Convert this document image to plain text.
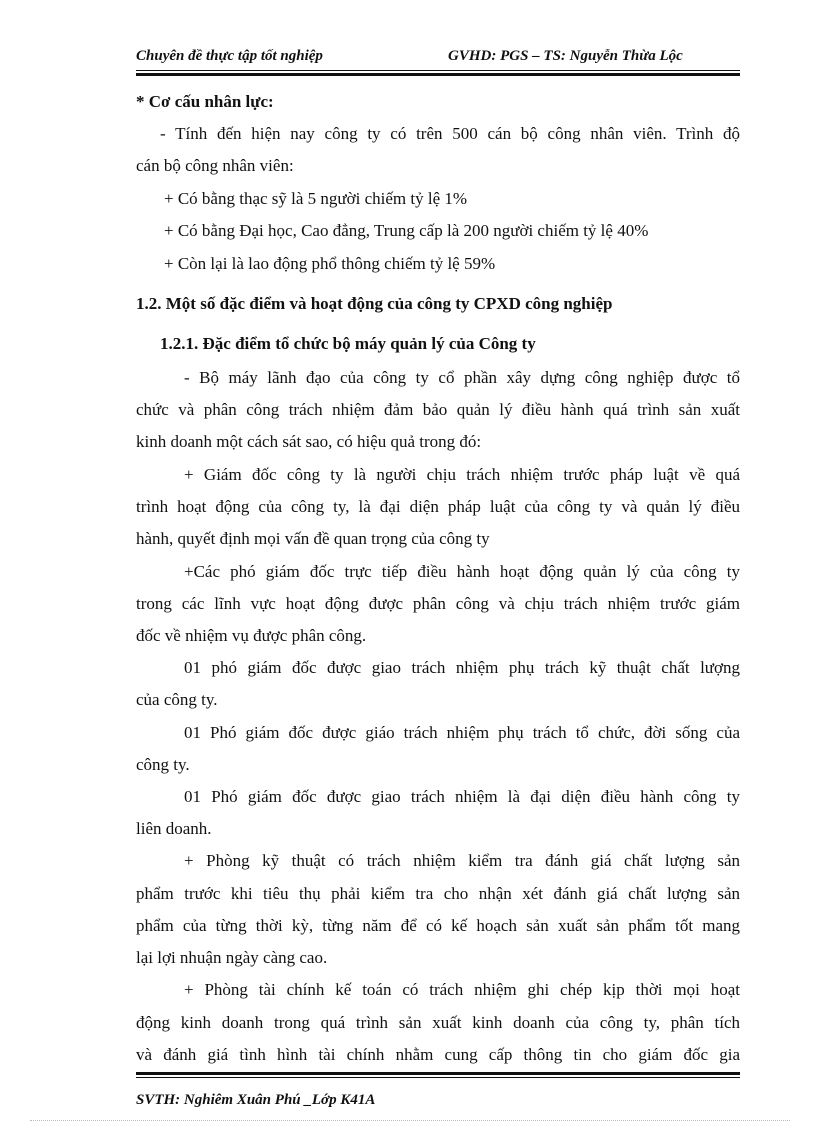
Chuyên đề thực tập tốt nghiệp	GVHD: PGS – TS: Nguyễn Thừa Lộc
* Cơ cấu nhân lực:
- Tính đến hiện nay công ty có trên 500 cán bộ công nhân viên. Trình độ
cán bộ công nhân viên:
+ Có bằng thạc sỹ là 5 người chiếm tỷ lệ 1%
+ Có bằng Đại học, Cao đẳng, Trung cấp là 200 người chiếm tỷ lệ 40%
+ Còn lại là lao động phổ thông chiếm tỷ lệ 59%
1.2. Một số đặc điểm và hoạt động của công ty CPXD công nghiệp
1.2.1. Đặc điểm tổ chức bộ máy quản lý của Công ty
- Bộ máy lãnh đạo của công ty cổ phần xây dựng công nghiệp được tổ
chức và phân công trách nhiệm đảm bảo quản lý điều hành quá trình sản xuất
kinh doanh một cách sát sao, có hiệu quả trong đó:
+ Giám đốc công ty là người chịu trách nhiệm trước pháp luật về quá
trình hoạt động của công ty, là đại diện pháp luật của công ty và quản lý điều
hành, quyết định mọi vấn đề quan trọng của công ty
+Các phó giám đốc trực tiếp điều hành hoạt động quản lý của công ty
trong các lĩnh vực hoạt động được phân công và chịu trách nhiệm trước giám
đốc về nhiệm vụ được phân công.
01 phó giám đốc được giao trách nhiệm phụ trách kỹ thuật chất lượng
của công ty.
01 Phó giám đốc được giáo trách nhiệm phụ trách tổ chức, đời sống của
công ty.
01 Phó giám đốc được giao trách nhiệm là đại diện điều hành công ty
liên doanh.
+ Phòng kỹ thuật có trách nhiệm kiểm tra đánh giá chất lượng sản
phẩm trước khi tiêu thụ phải kiểm tra cho nhận xét đánh giá chất lượng sản
phẩm của từng thời kỳ, từng năm để có kế hoạch sản xuất sản phẩm tốt mang
lại lợi nhuận ngày càng cao.
+ Phòng tài chính kế toán có trách nhiệm ghi chép kịp thời mọi hoạt
động kinh doanh trong quá trình sản xuất kinh doanh của công ty, phân tích
và đánh giá tình hình tài chính nhằm cung cấp thông tin cho giám đốc gia
SVTH: Nghiêm Xuân Phú _Lớp K41A
